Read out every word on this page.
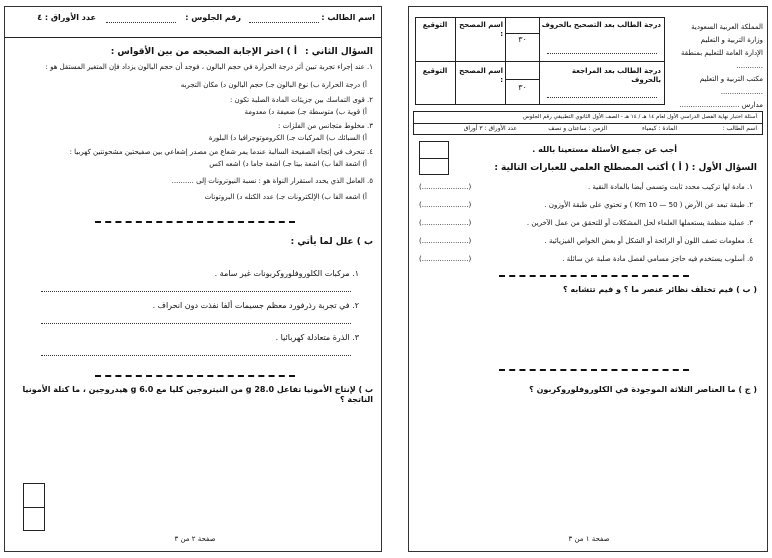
اسم الطالب :
رقم الجلوس :
عدد الأوراق : ٤
السؤال الثاني :
أ ) اختر الإجابة الصحيحه من بين الأقواس :
١. عند إجراء تجربة تبين أثر درجة الحرارة في حجم البالون ، فوجد أن حجم البالون يزداد فإن المتغير المستقل هو :
أ) درجة الحرارة ب) نوع البالون جـ) حجم البالون د) مكان التجربه
٢. قوى التماسك بين جزيئات المادة الصلبة تكون :
أ) قوية ب) متوسطة جـ) ضعيفة د) معدومة
٣. مخلوط متجانس من الفلزات :
أ) السبائك ب) المركبات جـ) الكروموتوجرافيا د) البلورة
٤. تنحرف في إتجاه الصفيحة السالبة عندما يمر شعاع من مصدر إشعاعي بين صفيحتين مشحونتين كهربيا :
أ) اشعة الفا ب) اشعة بيتا جـ) اشعة جاما د) اشعه اكس
٥. العامل الذي يحدد استقرار النواة هو : نسبة النيوترونات إلى ..........
أ) اشعه الفا ب) الإلكترونات جـ) عدد الكتله د) البروتونات
ب ) علل لما يأتي :
١. مركبات الكلوروفلوروكربونات غير سامة .
٢. في تجربة رذرفورد معظم جسيمات ألفا نفذت دون انحراف .
٣. الذرة متعادلة كهربائيا .
ب ) لإنتاج الأمونيا تفاعل 28.0 g من النيتروجين كليا مع 6.0 g هيدروجين ، ما كتلة الأمونيا الناتجة ؟
صفحة ٢ من ٣
المملكة العربية السعودية
وزارة التربية و التعليم
الإدارة العامة للتعليم بمنطقة ............
مكتب التربية و التعليم ...................
مدارس ...........................
درجة الطالب بعد التصحيح بالحروف
٣٠
اسم المصحح :
التوقيع
درجة الطالب بعد المراجعة بالحروف
٣٠
اسم المصحح :
التوقيع
أسئلة اختبار نهاية الفصل الدراسي الأول لعام ١٤ هـ / ١٤ هـ - الصف الأول الثانوي التطبيقي رقم الجلوس
اسم الطالب :
المادة : كيمياء
الزمن : ساعتان و نصف
عدد الأوراق : ٣ أوراق
أجب عن جميع الأسئلة مستعينا بالله .
السؤال الأول :
( أ ) أكتب المصطلح العلمي للعبارات التالية :
١. مادة لها تركيب محدد ثابت وتسمى أيضا بالمادة النقية .
(.....................)
٢. طبقة تبعد عن الأرض ( 50 — 10 Km ) و تحتوي على طبقة الأوزون .
(.....................)
٣. عملية منظمة يستعملها العلماء لحل المشكلات أو للتحقق من عمل الآخرين .
(.....................)
٤. معلومات تصف اللون أو الرائحة أو الشكل أو بعض الخواص الفيزيائية .
(.....................)
٥. أسلوب يستخدم فيه حاجز مسامي لفصل مادة صلبة عن سائلة .
(.....................)
( ب ) فيم تختلف نظائر عنصر ما ؟ و فيم تتشابه ؟
( ج ) ما العناصر الثلاثة الموجودة في الكلوروفلوروكربون ؟
صفحة ١ من ٣
